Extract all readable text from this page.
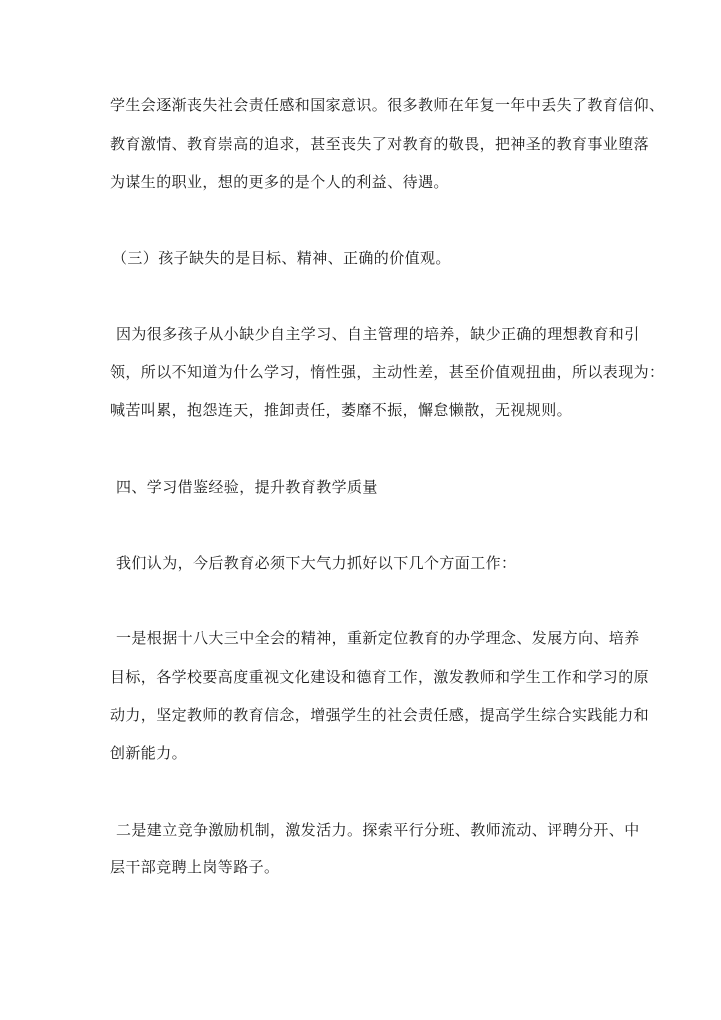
学生会逐渐丧失社会责任感和国家意识。很多教师在年复一年中丢失了教育信仰、
教育激情、教育崇高的追求，甚至丧失了对教育的敬畏，把神圣的教育事业堕落
为谋生的职业，想的更多的是个人的利益、待遇。
（三）孩子缺失的是目标、精神、正确的价值观。
因为很多孩子从小缺少自主学习、自主管理的培养，缺少正确的理想教育和引
领，所以不知道为什么学习，惰性强，主动性差，甚至价值观扭曲，所以表现为：
喊苦叫累，抱怨连天，推卸责任，萎靡不振，懈怠懒散，无视规则。
四、学习借鉴经验，提升教育教学质量
我们认为，今后教育必须下大气力抓好以下几个方面工作：
一是根据十八大三中全会的精神，重新定位教育的办学理念、发展方向、培养
目标，各学校要高度重视文化建设和德育工作，激发教师和学生工作和学习的原
动力，坚定教师的教育信念，增强学生的社会责任感，提高学生综合实践能力和
创新能力。
二是建立竞争激励机制，激发活力。探索平行分班、教师流动、评聘分开、中
层干部竞聘上岗等路子。
